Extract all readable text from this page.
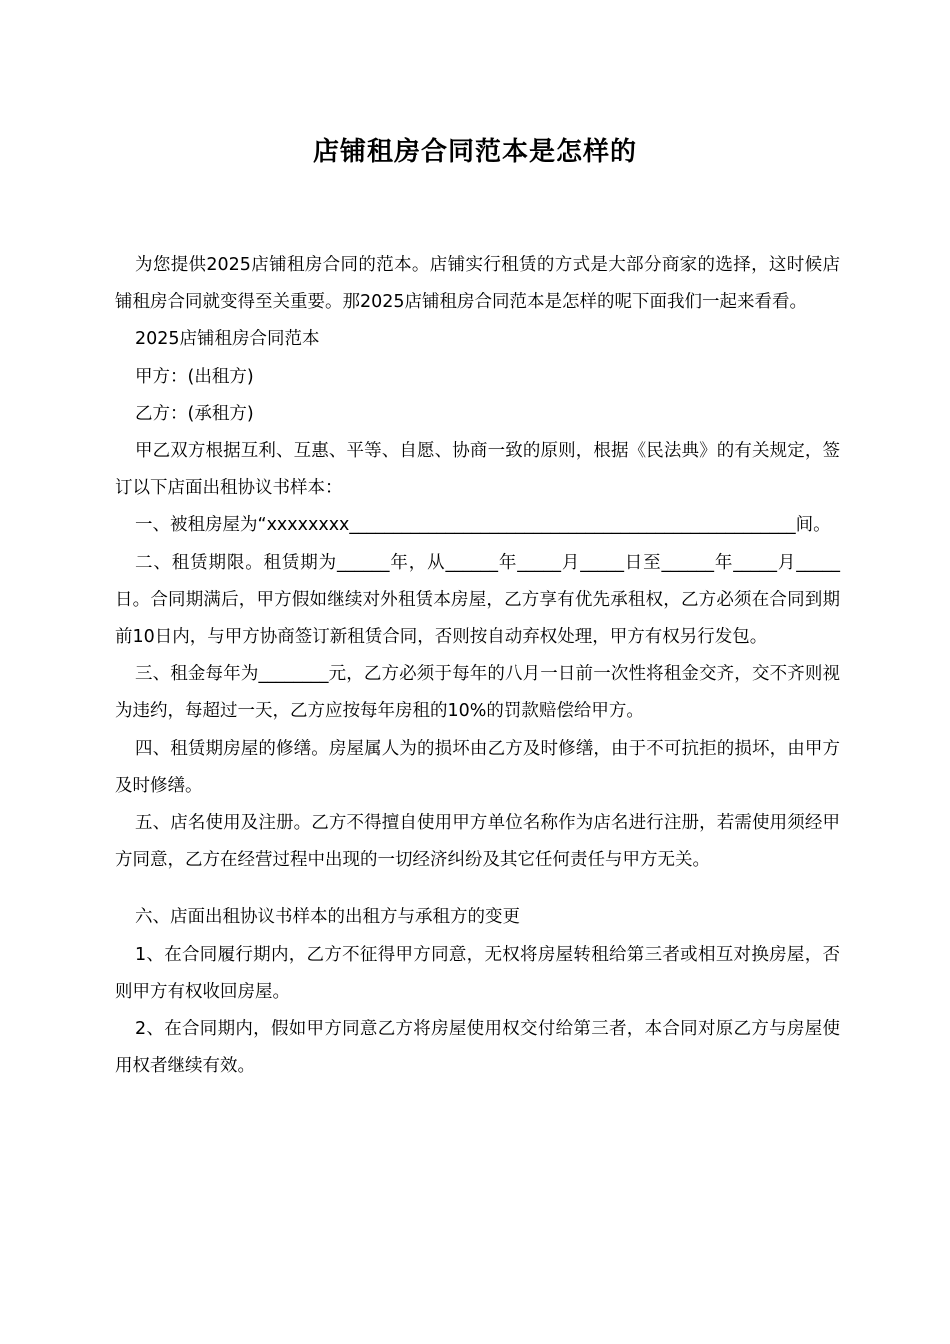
店铺租房合同范本是怎样的

为您提供2025店铺租房合同的范本。店铺实行租赁的方式是大部分商家的选择，这时候店铺租房合同就变得至关重要。那2025店铺租房合同范本是怎样的呢下面我们一起来看看。

2025店铺租房合同范本

甲方：(出租方)

乙方：(承租方)

甲乙双方根据互利、互惠、平等、自愿、协商一致的原则，根据《民法典》的有关规定，签订以下店面出租协议书样本：

一、被租房屋为“xxxxxxxx___________________________________________________间。

二、租赁期限。租赁期为______年，从______年_____月_____日至______年_____月_____日。合同期满后，甲方假如继续对外租赁本房屋，乙方享有优先承租权，乙方必须在合同到期前10日内，与甲方协商签订新租赁合同，否则按自动弃权处理，甲方有权另行发包。

三、租金每年为________元，乙方必须于每年的八月一日前一次性将租金交齐，交不齐则视为违约，每超过一天，乙方应按每年房租的10%的罚款赔偿给甲方。

四、租赁期房屋的修缮。房屋属人为的损坏由乙方及时修缮，由于不可抗拒的损坏，由甲方及时修缮。

五、店名使用及注册。乙方不得擅自使用甲方单位名称作为店名进行注册，若需使用须经甲方同意，乙方在经营过程中出现的一切经济纠纷及其它任何责任与甲方无关。

六、店面出租协议书样本的出租方与承租方的变更

1、在合同履行期内，乙方不征得甲方同意，无权将房屋转租给第三者或相互对换房屋，否则甲方有权收回房屋。

2、在合同期内，假如甲方同意乙方将房屋使用权交付给第三者，本合同对原乙方与房屋使用权者继续有效。
